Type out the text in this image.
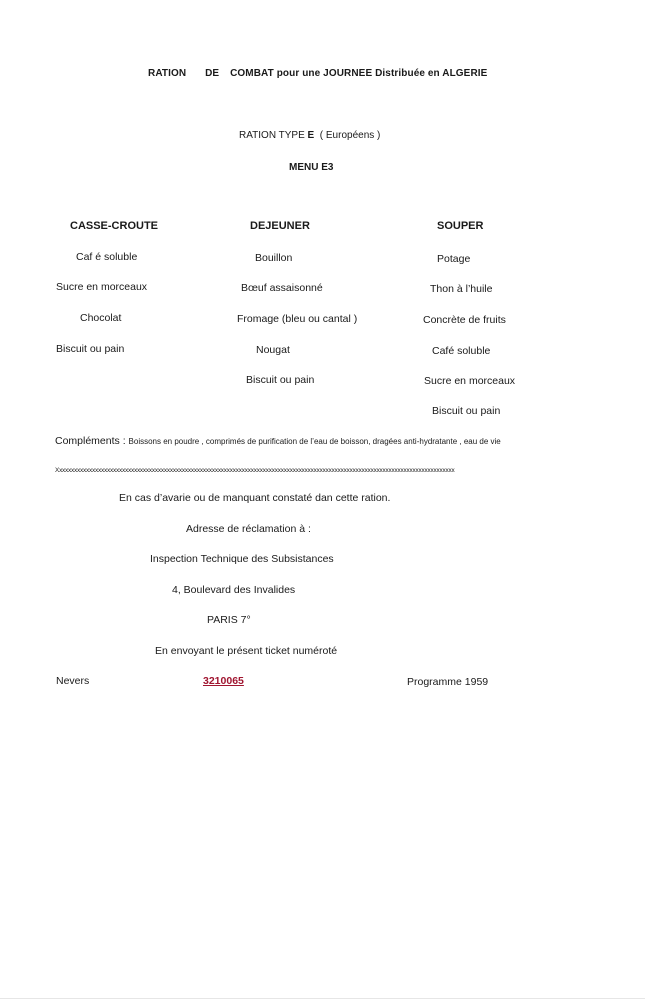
RATION DE COMBAT pour une JOURNEE Distribuée en ALGERIE
RATION TYPE E ( Européens )
MENU E3
CASSE-CROUTE
Caf é soluble
Sucre en morceaux
Chocolat
Biscuit ou pain
DEJEUNER
Bouillon
Bœuf assaisonné
Fromage (bleu ou cantal )
Nougat
Biscuit ou pain
SOUPER
Potage
Thon à l’huile
Concrète de fruits
Café soluble
Sucre en morceaux
Biscuit ou pain
Compléments : Boissons en poudre , comprimés de purification de l’eau de boisson, dragées anti-hydratante , eau de vie
Xxxxxxxxxxxxxxxxxxxxxxxxxxxxxxxxxxxxxxxxxxxxxxxxxxxxxxxxxxxxxxxxxxxxxxxxxxxxxxxxxxxxxxxxxxxxxxxxxxxxxxxxxxxxxxxxxxxxxxxxxxxxxxxxxxxxx
En cas d’avarie ou de manquant constaté dan cette ration.
Adresse de réclamation à :
Inspection Technique des Subsistances
4, Boulevard des Invalides
PARIS 7°
En envoyant le présent ticket numéroté
Nevers	3210065	Programme 1959
